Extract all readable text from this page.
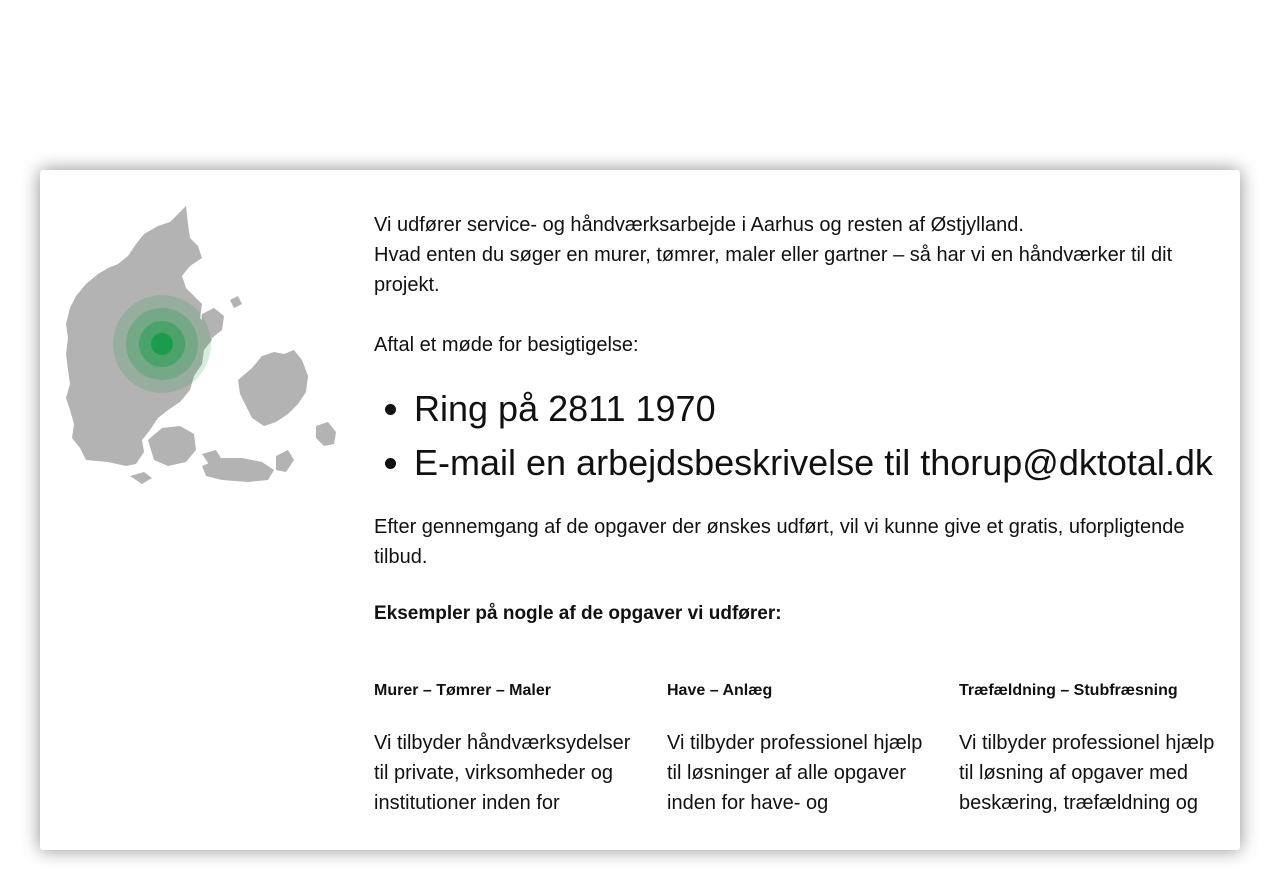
Vi udfører service- og håndværksarbejde i Aarhus og resten af Østjylland.

Hvad enten du søger en murer, tømrer, maler eller gartner – så har vi en håndværker til dit projekt.

Aftal et møde for besigtigelse:

• Ring på 2811 1970
• E-mail en arbejdsbeskrivelse til thorup@dktotal.dk

Efter gennemgang af de opgaver der ønskes udført, vil vi kunne give et gratis, uforpligtende tilbud.

Eksempler på nogle af de opgaver vi udfører:

Murer – Tømrer – Maler

Vi tilbyder håndværksydelser til private, virksomheder og institutioner inden for

Have – Anlæg

Vi tilbyder professionel hjælp til løsninger af alle opgaver inden for have- og

Træfældning – Stubfræsning

Vi tilbyder professionel hjælp til løsning af opgaver med beskæring, træfældning og
